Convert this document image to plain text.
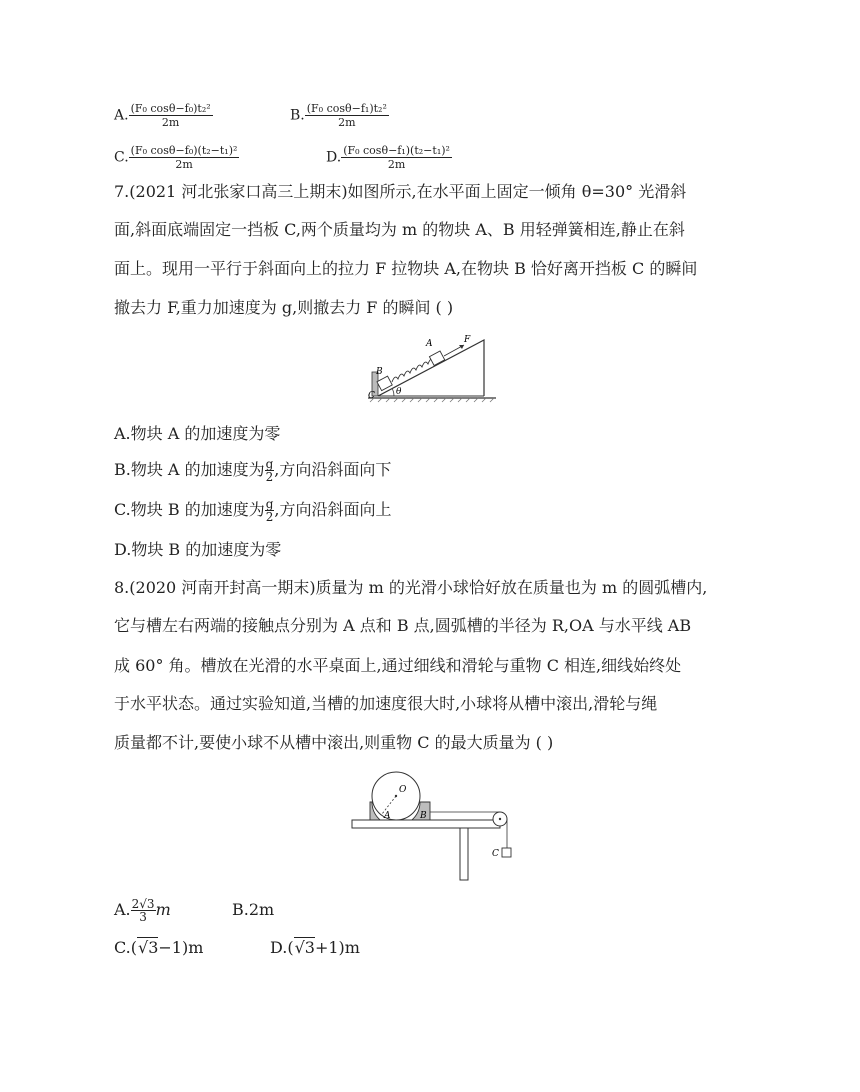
A. $\frac{\text{(F₀ cosθ−f₀)t₂²}}{2m}$	B. $\frac{\text{(F₀ cosθ−f₁)t₂²}}{2m}$
C. $\frac{\text{(F₀ cosθ−f₀)(t₂−t₁)²}}{2m}$	D. $\frac{\text{(F₀ cosθ−f₁)(t₂−t₁)²}}{2m}$
7.(2021 河北张家口高三上期末)如图所示,在水平面上固定一倾角 θ=30° 光滑斜
面,斜面底端固定一挡板 C,两个质量均为 m 的物块 A、B 用轻弹簧相连,静止在斜
面上。现用一平行于斜面向上的拉力 F 拉物块 A,在物块 B 恰好离开挡板 C 的瞬间
撤去力 F,重力加速度为 g,则撤去力 F 的瞬间 ( )
C
B
A	F
θ
A.物块 A 的加速度为零
B.物块 A 的加速度为 $\frac{g}{2}$ ,方向沿斜面向下
C.物块 B 的加速度为 $\frac{g}{2}$ ,方向沿斜面向上
D.物块 B 的加速度为零
8.(2020 河南开封高一期末)质量为 m 的光滑小球恰好放在质量也为 m 的圆弧槽内,
它与槽左右两端的接触点分别为 A 点和 B 点,圆弧槽的半径为 R,OA 与水平线 AB
成 60° 角。槽放在光滑的水平桌面上,通过细线和滑轮与重物 C 相连,细线始终处
于水平状态。通过实验知道,当槽的加速度很大时,小球将从槽中滚出,滑轮与绳
质量都不计,要使小球不从槽中滚出,则重物 C 的最大质量为 ( )
O
A	B
C
A. $\frac{2√3}{3}$ m	B.2m
C.(√3−1)m	D.(√3+1)m
